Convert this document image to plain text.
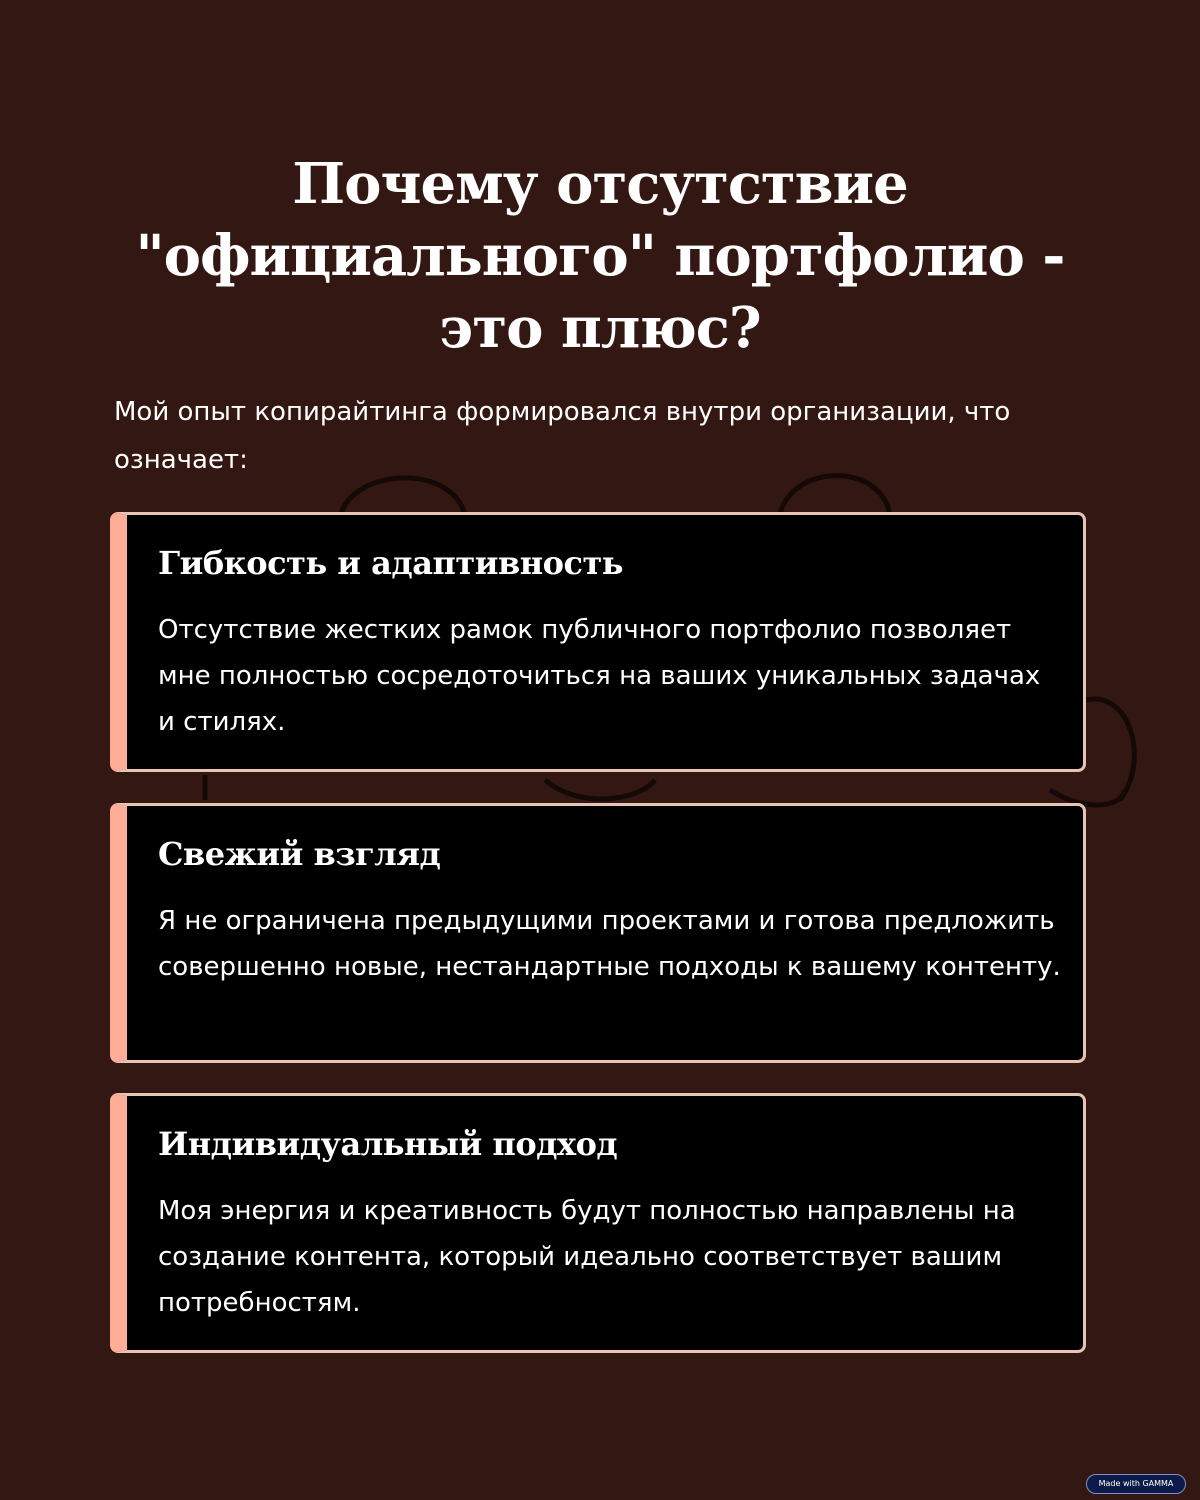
Почему отсутствие
"официального" портфолио -
это плюс?

Мой опыт копирайтинга формировался внутри организации, что означает:

Гибкость и адаптивность

Отсутствие жестких рамок публичного портфолио позволяет мне полностью сосредоточиться на ваших уникальных задачах и стилях.

Свежий взгляд

Я не ограничена предыдущими проектами и готова предложить совершенно новые, нестандартные подходы к вашему контенту.

Индивидуальный подход

Моя энергия и креативность будут полностью направлены на создание контента, который идеально соответствует вашим потребностям.

Made with GAMMA
